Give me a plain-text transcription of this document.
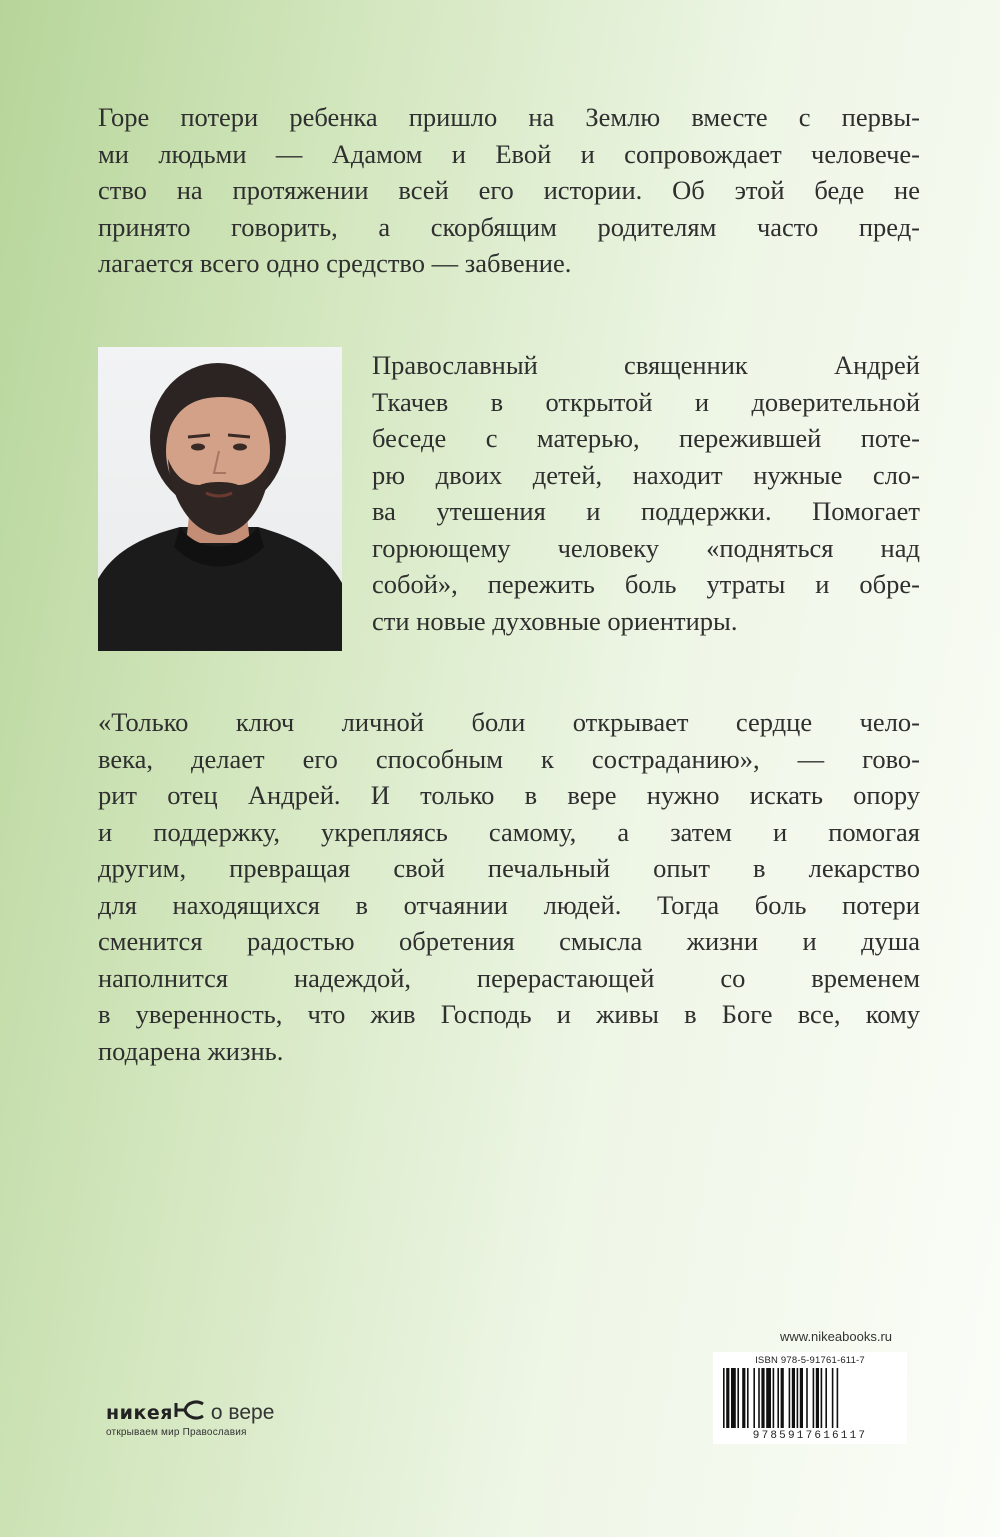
Горе потери ребенка пришло на Землю вместе с первы-
ми людьми — Адамом и Евой и сопровождает человече-
ство на протяжении всей его истории. Об этой беде не
принято говорить, а скорбящим родителям часто пред-
лагается всего одно средство — забвение.
Православный священник Андрей
Ткачев в открытой и доверительной
беседе с матерью, пережившей поте-
рю двоих детей, находит нужные сло-
ва утешения и поддержки. Помогает
горюющему человеку «подняться над
собой», пережить боль утраты и обре-
сти новые духовные ориентиры.
«Только ключ личной боли открывает сердце чело-
века, делает его способным к состраданию», — гово-
рит отец Андрей. И только в вере нужно искать опору
и поддержку, укрепляясь самому, а затем и помогая
другим, превращая свой печальный опыт в лекарство
для находящихся в отчаянии людей. Тогда боль потери
сменится радостью обретения смысла жизни и душа
наполнится надеждой, перерастающей со временем
в уверенность, что жив Господь и живы в Боге все, кому
подарена жизнь.
www.nikeabooks.ru
ISBN 978-5-91761-611-7
9785917616117
никея о вере
открываем мир Православия
